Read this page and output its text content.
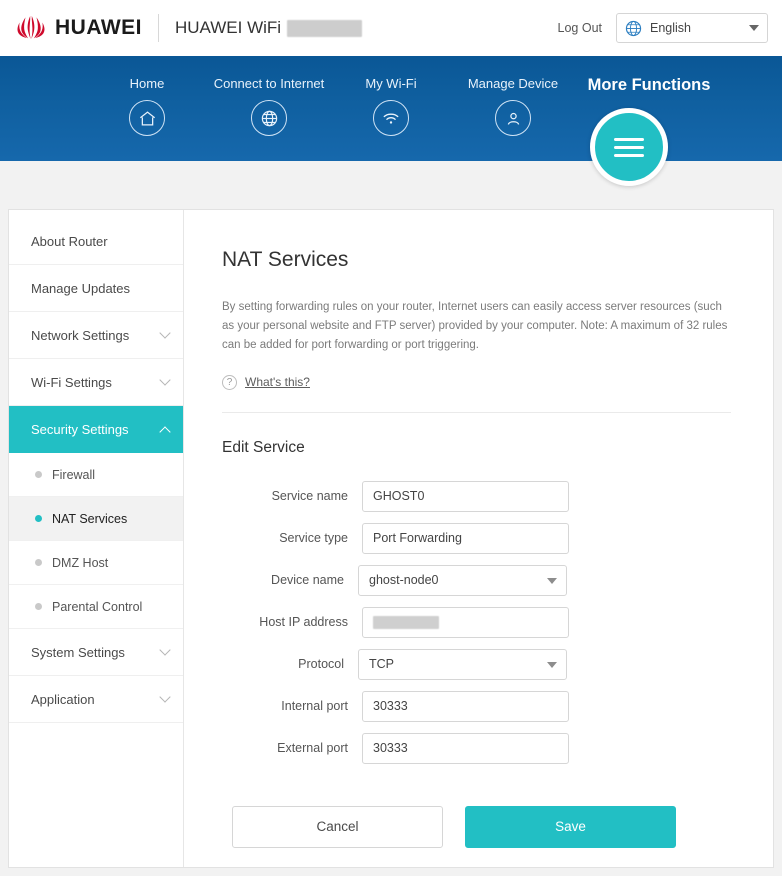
HUAWEI HUAWEI WiFi	Log Out	English
Home	Connect to Internet	My Wi-Fi	Manage Device	More Functions
About Router
Manage Updates
Network Settings
Wi-Fi Settings
Security Settings
Firewall
NAT Services
DMZ Host
Parental Control
System Settings
Application
NAT Services

By setting forwarding rules on your router, Internet users can easily access server resources (such as your personal website and FTP server) provided by your computer. Note: A maximum of 32 rules can be added for port forwarding or port triggering.

?	What's this?
Edit Service
Service name	GHOST0
Service type	Port Forwarding
Device name	ghost-node0
Host IP address
Protocol	TCP
Internal port	30333
External port	30333
Cancel	Save
